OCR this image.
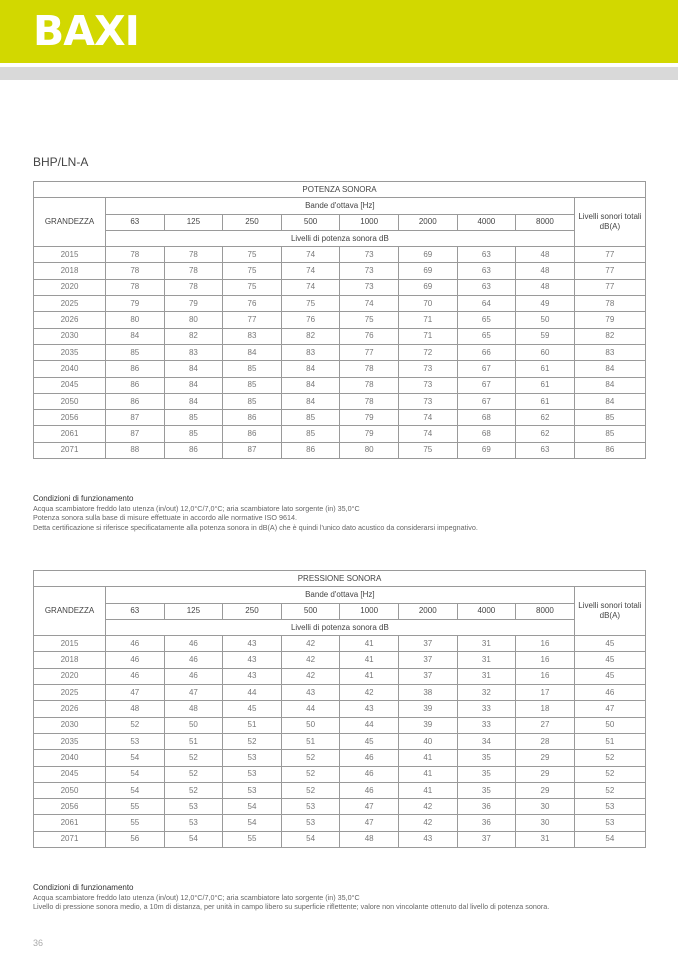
BAXI
BHP/LN-A
POTENZA SONORA									
GRANDEZZA	Bande d'ottava [Hz]								Livelli sonori totali dB(A)
	63	125	250	500	1000	2000	4000	8000	
	Livelli di potenza sonora dB								
2015	78	78	75	74	73	69	63	48	77
2018	78	78	75	74	73	69	63	48	77
2020	78	78	75	74	73	69	63	48	77
2025	79	79	76	75	74	70	64	49	78
2026	80	80	77	76	75	71	65	50	79
2030	84	82	83	82	76	71	65	59	82
2035	85	83	84	83	77	72	66	60	83
2040	86	84	85	84	78	73	67	61	84
2045	86	84	85	84	78	73	67	61	84
2050	86	84	85	84	78	73	67	61	84
2056	87	85	86	85	79	74	68	62	85
2061	87	85	86	85	79	74	68	62	85
2071	88	86	87	86	80	75	69	63	86
Condizioni di funzionamento
Acqua scambiatore freddo lato utenza (in/out) 12,0°C/7,0°C; aria scambiatore lato sorgente (in) 35,0°C
Potenza sonora sulla base di misure effettuate in accordo alle normative ISO 9614.
Detta certificazione si riferisce specificatamente alla potenza sonora in dB(A) che è quindi l'unico dato acustico da considerarsi impegnativo.
PRESSIONE SONORA									
GRANDEZZA	Bande d'ottava [Hz]								Livelli sonori totali dB(A)
	63	125	250	500	1000	2000	4000	8000	
	Livelli di potenza sonora dB								
2015	46	46	43	42	41	37	31	16	45
2018	46	46	43	42	41	37	31	16	45
2020	46	46	43	42	41	37	31	16	45
2025	47	47	44	43	42	38	32	17	46
2026	48	48	45	44	43	39	33	18	47
2030	52	50	51	50	44	39	33	27	50
2035	53	51	52	51	45	40	34	28	51
2040	54	52	53	52	46	41	35	29	52
2045	54	52	53	52	46	41	35	29	52
2050	54	52	53	52	46	41	35	29	52
2056	55	53	54	53	47	42	36	30	53
2061	55	53	54	53	47	42	36	30	53
2071	56	54	55	54	48	43	37	31	54
Condizioni di funzionamento
Acqua scambiatore freddo lato utenza (in/out) 12,0°C/7,0°C; aria scambiatore lato sorgente (in) 35,0°C
Livello di pressione sonora medio, a 10m di distanza, per unità in campo libero su superficie riflettente; valore non vincolante ottenuto dal livello di potenza sonora.
36
